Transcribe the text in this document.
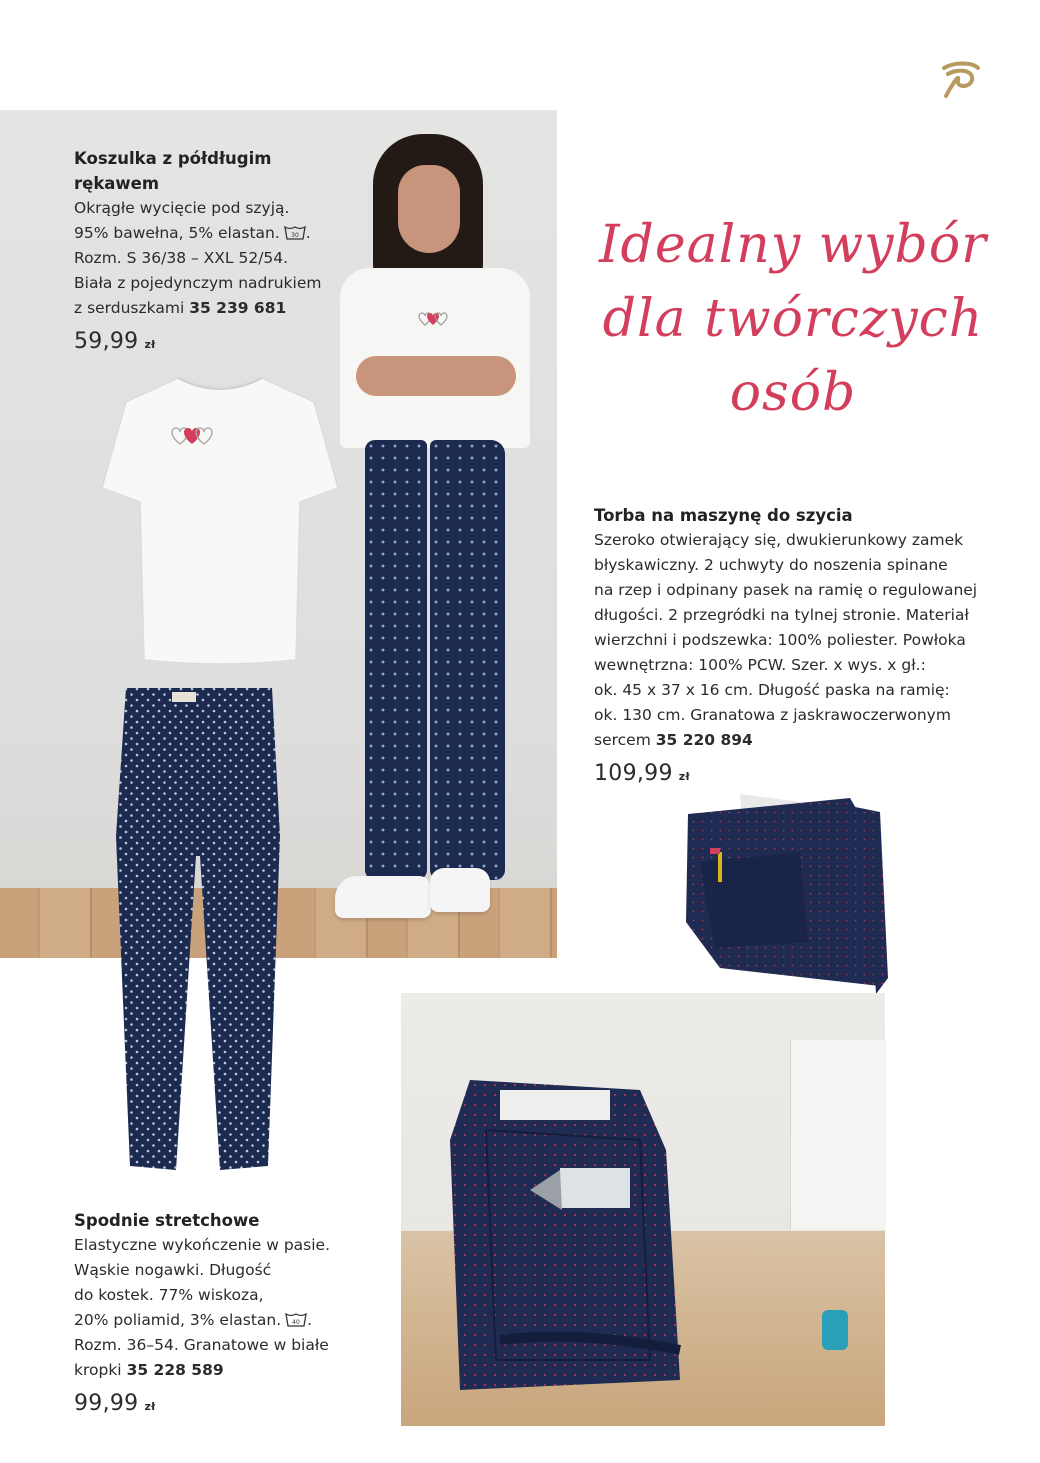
Idealny wybór
dla twórczych
osób
Koszulka z półdługim
rękawem
Okrągłe wycięcie pod szyją.
95% bawełna, 5% elastan. 30 .
Rozm. S 36/38 – XXL 52/54.
Biała z pojedynczym nadrukiem
z serduszkami 35 239 681
59,99 zł
Torba na maszynę do szycia
Szeroko otwierający się, dwukierunkowy zamek
błyskawiczny. 2 uchwyty do noszenia spinane
na rzep i odpinany pasek na ramię o regulowanej
długości. 2 przegródki na tylnej stronie. Materiał
wierzchni i podszewka: 100% poliester. Powłoka
wewnętrzna: 100% PCW. Szer. x wys. x gł.:
ok. 45 x 37 x 16 cm. Długość paska na ramię:
ok. 130 cm. Granatowa z jaskrawoczerwonym
sercem 35 220 894
109,99 zł
Spodnie stretchowe
Elastyczne wykończenie w pasie.
Wąskie nogawki. Długość
do kostek. 77% wiskoza,
20% poliamid, 3% elastan. 40 .
Rozm. 36–54. Granatowe w białe
kropki 35 228 589
99,99 zł
